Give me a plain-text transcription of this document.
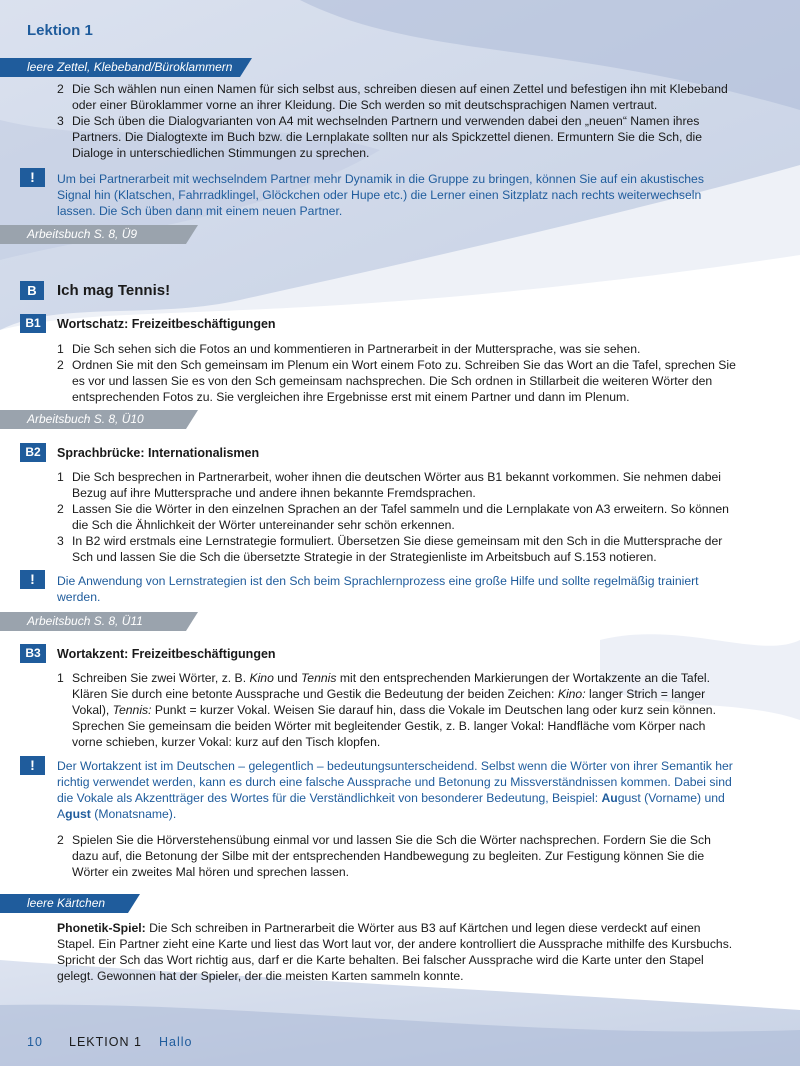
Lektion 1
leere Zettel, Klebeband/Büroklammern
2 Die Sch wählen nun einen Namen für sich selbst aus, schreiben diesen auf einen Zettel und befestigen ihn mit Klebeband oder einer Büroklammer vorne an ihrer Kleidung. Die Sch werden so mit deutschsprachigen Namen vertraut.
3 Die Sch üben die Dialogvarianten von A4 mit wechselnden Partnern und verwenden dabei den „neuen“ Namen ihres Partners. Die Dialogtexte im Buch bzw. die Lernplakate sollten nur als Spickzettel dienen. Ermuntern Sie die Sch, die Dialoge in unterschiedlichen Stimmungen zu sprechen.
!	Um bei Partnerarbeit mit wechselndem Partner mehr Dynamik in die Gruppe zu bringen, können Sie auf ein akustisches Signal hin (Klatschen, Fahrradklingel, Glöckchen oder Hupe etc.) die Lerner einen Sitzplatz nach rechts weiterwechseln lassen. Die Sch üben dann mit einem neuen Partner.
Arbeitsbuch S. 8, Ü9
B	Ich mag Tennis!
B1	Wortschatz: Freizeitbeschäftigungen
1 Die Sch sehen sich die Fotos an und kommentieren in Partnerarbeit in der Muttersprache, was sie sehen.
2 Ordnen Sie mit den Sch gemeinsam im Plenum ein Wort einem Foto zu. Schreiben Sie das Wort an die Tafel, sprechen Sie es vor und lassen Sie es von den Sch gemeinsam nachsprechen. Die Sch ordnen in Stillarbeit die weiteren Wörter den entsprechenden Fotos zu. Sie vergleichen ihre Ergebnisse erst mit einem Partner und dann im Plenum.
Arbeitsbuch S. 8, Ü10
B2	Sprachbrücke: Internationalismen
1 Die Sch besprechen in Partnerarbeit, woher ihnen die deutschen Wörter aus B1 bekannt vorkommen. Sie nehmen dabei Bezug auf ihre Muttersprache und andere ihnen bekannte Fremdsprachen.
2 Lassen Sie die Wörter in den einzelnen Sprachen an der Tafel sammeln und die Lernplakate von A3 erweitern. So können die Sch die Ähnlichkeit der Wörter untereinander sehr schön erkennen.
3 In B2 wird erstmals eine Lernstrategie formuliert. Übersetzen Sie diese gemeinsam mit den Sch in die Muttersprache der Sch und lassen Sie die Sch die übersetzte Strategie in der Strategienliste im Arbeitsbuch auf S.153 notieren.
!	Die Anwendung von Lernstrategien ist den Sch beim Sprachlernprozess eine große Hilfe und sollte regelmäßig trainiert werden.
Arbeitsbuch S. 8, Ü11
B3	Wortakzent: Freizeitbeschäftigungen
1 Schreiben Sie zwei Wörter, z. B. Kino und Tennis mit den entsprechenden Markierungen der Wortakzente an die Tafel. Klären Sie durch eine betonte Aussprache und Gestik die Bedeutung der beiden Zeichen: Kino: langer Strich = langer Vokal), Tennis: Punkt = kurzer Vokal. Weisen Sie darauf hin, dass die Vokale im Deutschen lang oder kurz sein können. Sprechen Sie gemeinsam die beiden Wörter mit begleitender Gestik, z. B. langer Vokal: Handfläche vom Körper nach vorne schieben, kurzer Vokal: kurz auf den Tisch klopfen.
!	Der Wortakzent ist im Deutschen – gelegentlich – bedeutungsunterscheidend. Selbst wenn die Wörter von ihrer Semantik her richtig verwendet werden, kann es durch eine falsche Aussprache und Betonung zu Missverständnissen kommen. Dabei sind die Vokale als Akzentträger des Wortes für die Verständlichkeit von besonderer Bedeutung, Beispiel: August (Vorname) und Agust (Monatsname).
2 Spielen Sie die Hörverstehensübung einmal vor und lassen Sie die Sch die Wörter nachsprechen. Fordern Sie die Sch dazu auf, die Betonung der Silbe mit der entsprechenden Handbewegung zu begleiten. Zur Festigung können Sie die Wörter ein zweites Mal hören und sprechen lassen.
leere Kärtchen
Phonetik-Spiel: Die Sch schreiben in Partnerarbeit die Wörter aus B3 auf Kärtchen und legen diese verdeckt auf einen Stapel. Ein Partner zieht eine Karte und liest das Wort laut vor, der andere kontrolliert die Aussprache mithilfe des Kursbuchs. Spricht der Sch das Wort richtig aus, darf er die Karte behalten. Bei falscher Aussprache wird die Karte unter den Stapel gelegt. Gewonnen hat der Spieler, der die meisten Karten sammeln konnte.
10 LEKTION 1 Hallo
